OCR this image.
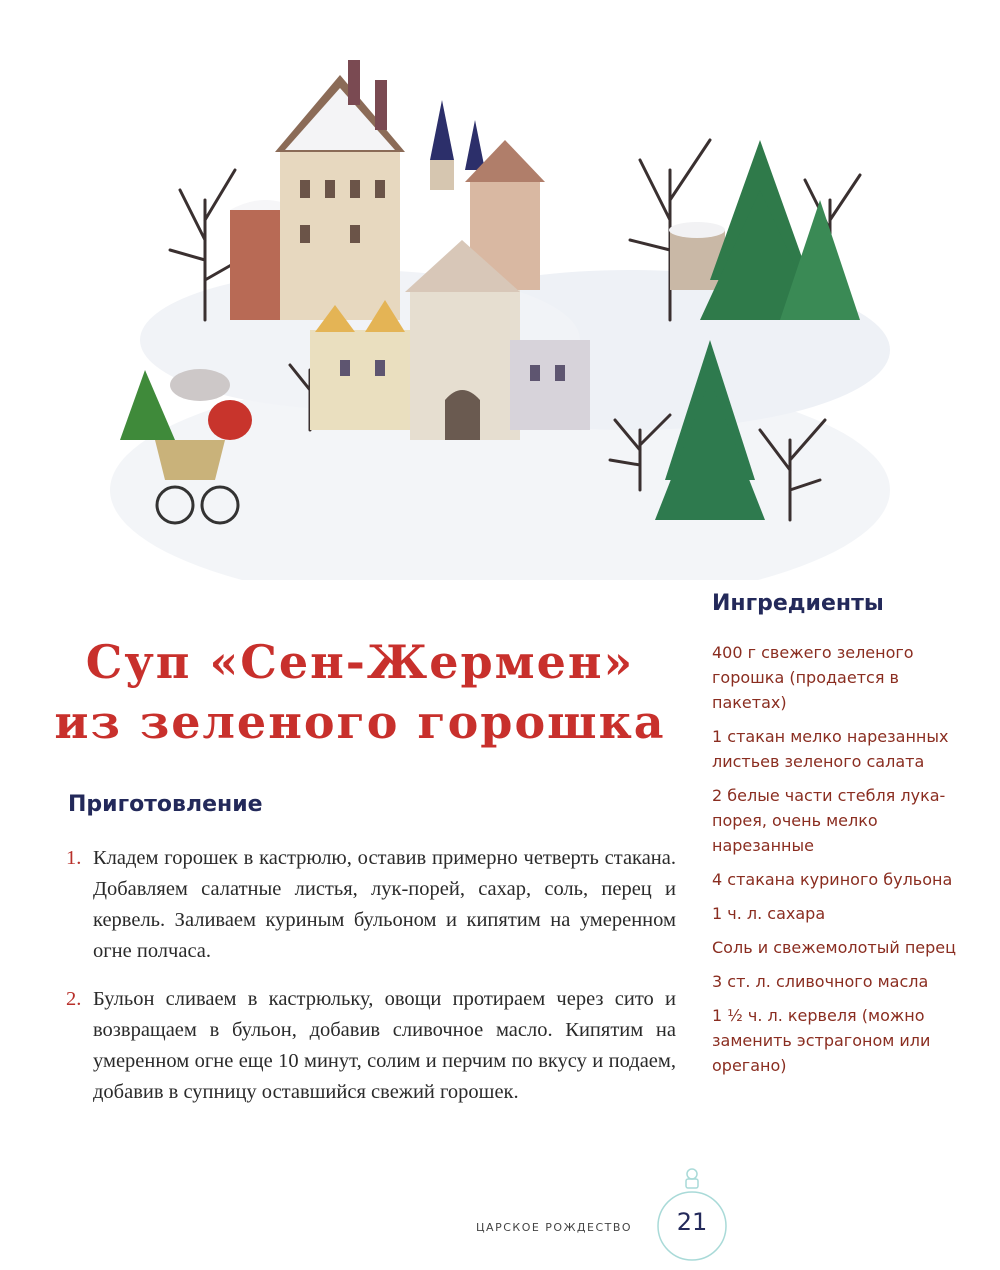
Суп «Сен-Жермен»
из зеленого горошка
Приготовление
1. Кладем горошек в кастрюлю, оставив примерно четверть стакана. Добавляем салатные листья, лук-порей, сахар, соль, перец и кервель. Заливаем куриным бульоном и кипятим на умеренном огне полчаса.
2. Бульон сливаем в кастрюльку, овощи протираем через сито и возвращаем в бульон, добавив сливочное масло. Кипятим на умеренном огне еще 10 минут, солим и перчим по вкусу и подаем, добавив в супницу оставшийся свежий горошек.
Ингредиенты
400 г свежего зеленого горошка (продается в пакетах)
1 стакан мелко нарезанных листьев зеленого салата
2 белые части стебля лука-порея, очень мелко нарезанные
4 стакана куриного бульона
1 ч. л. сахара
Соль и свежемолотый перец
3 ст. л. сливочного масла
1 ½ ч. л. кервеля (можно заменить эстрагоном или орегано)
ЦАРСКОЕ РОЖДЕСТВО	21
